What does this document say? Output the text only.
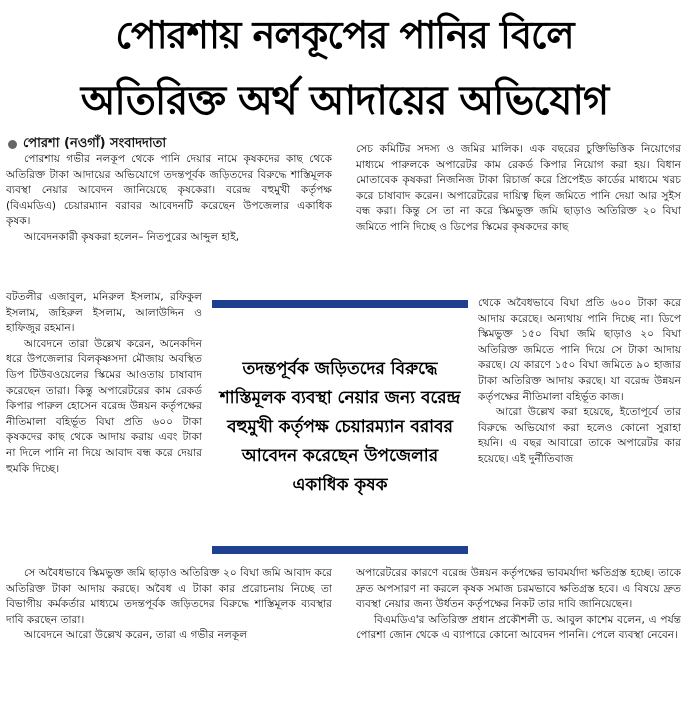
পোরশায় নলকূপের পানির বিলে
অতিরিক্ত অর্থ আদায়ের অভিযোগ
পোরশা (নওগাঁ) সংবাদদাতা

পোরশায় গভীর নলকূপ থেকে পানি দেয়ার নামে কৃষকদের কাছ থেকে অতিরিক্ত টাকা আদায়ের অভিযোগে তদন্তপূর্বক জড়িতদের বিরুদ্ধে শাস্তিমূলক ব্যবস্থা নেয়ার আবেদন জানিয়েছে কৃষকেরা। বরেন্দ্র বহুমুখী কর্তৃপক্ষ (বিএমডিএ) চেয়ারম্যান বরাবর আবেদনটি করেছেন উপজেলার একাধিক কৃষক।

আবেদনকারী কৃষকরা হলেন– নিতপুরের আব্দুল হাই,

বটতলীর এজাবুল, মনিরুল ইসলাম, রফিকুল ইসলাম, জহিরুল ইসলাম, আলাউদ্দিন ও হাফিজুর রহমান।

আবেদনে তারা উল্লেখ করেন, অনেকদিন ধরে উপজেলার বিলকৃষ্ণসদা মৌজায় অবস্থিত ডিপ টিউবওয়েলের স্কিমের আওতায় চাষাবাদ করেছেন তারা। কিন্তু অপারেটরের কাম রেকর্ড কিপার পারুল হোসেন বরেন্দ্র উন্নয়ন কর্তৃপক্ষের নীতিমালা বহির্ভূত বিঘা প্রতি ৬০০ টাকা কৃষকদের কাছ থেকে আদায় করায় এবং টাকা না দিলে পানি না দিয়ে আবাদ বন্ধ করে দেয়ার হুমকি দিচ্ছে।

সেচ কমিটির সদস্য ও জমির মালিক। এক বছরের চুক্তিভিত্তিক নিয়োগের মাধ্যমে পারুলকে অপারেটর কাম রেকর্ড কিপার নিয়োগ করা হয়। বিধান মোতাবেক কৃষকরা নিজনিজ টাকা রিচার্জ করে প্রিপেইড কার্ডের মাধ্যমে খরচ করে চাষাবাদ করেন। অপারেটরের দায়িত্ব ছিল জমিতে পানি দেয়া আর সুইস বন্ধ করা। কিন্তু সে তা না করে স্কিমভুক্ত জমি ছাড়াও অতিরিক্ত ২০ বিঘা জমিতে পানি দিচ্ছে ও ডিপের স্কিমের কৃষকদের কাছ

থেকে অবৈধভাবে বিঘা প্রতি ৬০০ টাকা করে আদায় করেছে। অন্যথায় পানি দিচ্ছে না। ডিপে স্কিমভুক্ত ১৫০ বিঘা জমি ছাড়াও ২০ বিঘা অতিরিক্ত জমিতে পানি দিয়ে সে টাকা আদায় করছে। যে কারণে ১৫০ বিঘা জমিতে ৯০ হাজার টাকা অতিরিক্ত আদায় করছে। যা বরেন্দ্র উন্নয়ন কর্তৃপক্ষের নীতিমালা বহির্ভূত কাজ।

আরো উল্লেখ করা হয়েছে, ইতোপূর্বে তার বিরুদ্ধে অভিযোগ করা হলেও কোনো সুরাহা হয়নি। এ বছর আবারো তাকে অপারেটর কার হয়েছে। এই দুর্নীতিবাজ

তদন্তপূর্বক জড়িতদের বিরুদ্ধে শাস্তিমূলক ব্যবস্থা নেয়ার জন্য বরেন্দ্র বহুমুখী কর্তৃপক্ষ চেয়ারম্যান বরাবর আবেদন করেছেন উপজেলার একাধিক কৃষক

সে অবৈধভাবে স্কিমভুক্ত জমি ছাড়াও অতিরিক্ত ২০ বিঘা জমি আবাদ করে অতিরিক্ত টাকা আদায় করছে। অবৈধ এ টাকা কার প্ররোচনায় নিচ্ছে তা বিভাগীয় কর্মকর্তার মাধ্যমে তদন্তপূর্বক জড়িতদের বিরুদ্ধে শাস্তিমূলক ব্যবস্থার দাবি করছেন তারা।

আবেদনে আরো উল্লেখ করেন, তারা এ গভীর নলকূল

অপারেটরের কারণে বরেন্দ্র উন্নয়ন কর্তৃপক্ষের ভাবমর্যাদা ক্ষতিগ্রস্ত হচ্ছে। তাকে দ্রুত অপসারণ না করলে কৃষক সমাজ চরমভাবে ক্ষতিগ্রস্ত হবে। এ বিষয়ে দ্রুত ব্যবস্থা নেয়ার জন্য উর্ধতন কর্তৃপক্ষের নিকট তার দাবি জানিয়েছেন।

বিএমডিএ'র অতিরিক্ত প্রধান প্রকৌশলী ড. আবুল কাশেম বলেন, এ পর্যন্ত পোরশা জোন থেকে এ ব্যাপারে কোনো আবেদন পাননি। পেলে ব্যবস্থা নেবেন।
